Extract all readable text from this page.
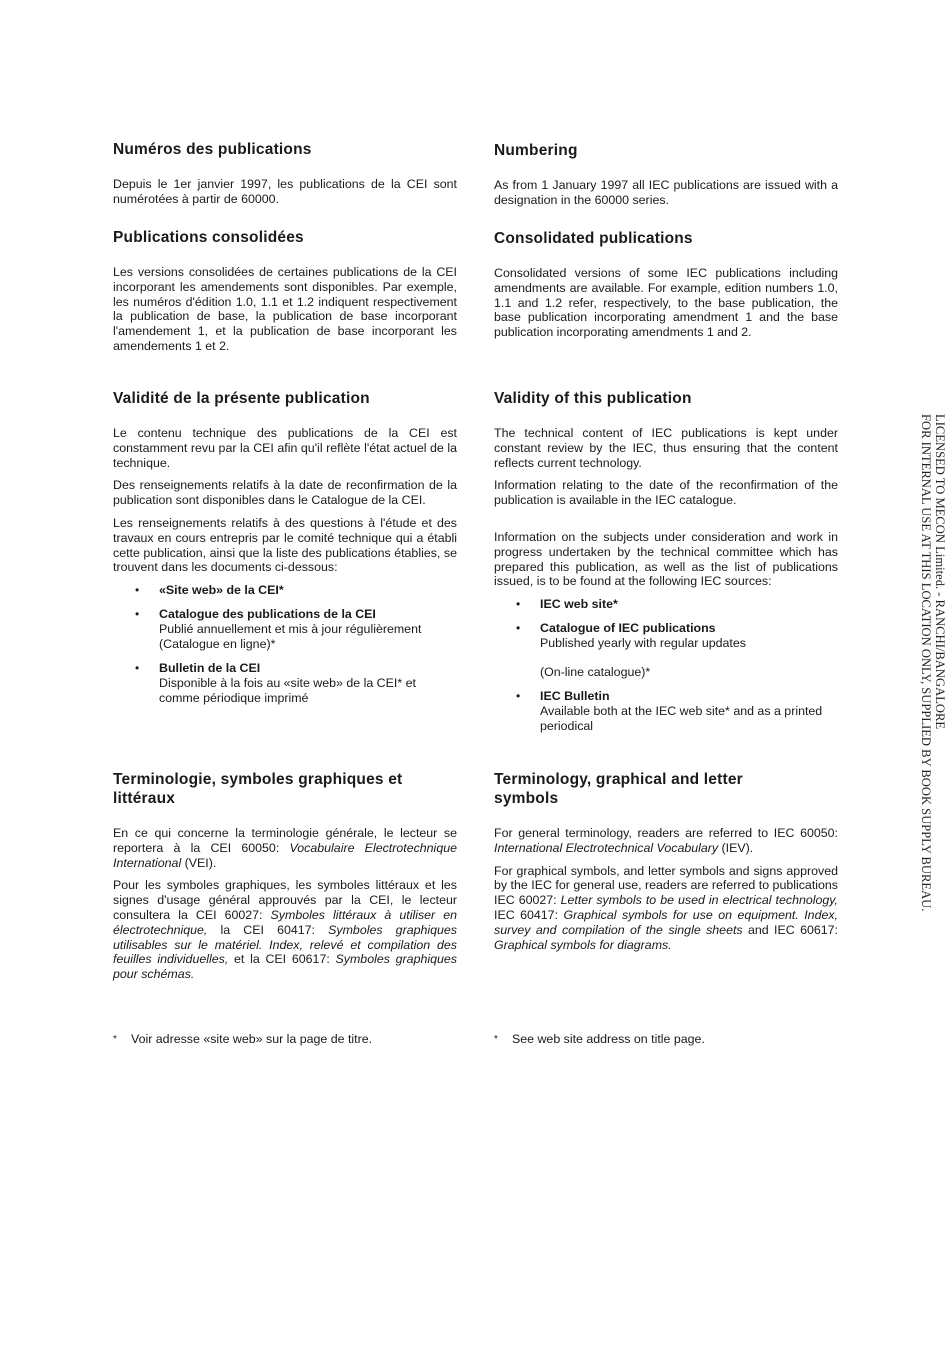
Numéros des publications

Depuis le 1er janvier 1997, les publications de la CEI sont numérotées à partir de 60000.

Publications consolidées

Les versions consolidées de certaines publications de la CEI incorporant les amendements sont disponibles. Par exemple, les numéros d'édition 1.0, 1.1 et 1.2 indiquent respectivement la publication de base, la publication de base incorporant l'amendement 1, et la publication de base incorporant les amendements 1 et 2.

Validité de la présente publication

Le contenu technique des publications de la CEI est constamment revu par la CEI afin qu'il reflète l'état actuel de la technique.

Des renseignements relatifs à la date de reconfirmation de la publication sont disponibles dans le Catalogue de la CEI.

Les renseignements relatifs à des questions à l'étude et des travaux en cours entrepris par le comité technique qui a établi cette publication, ainsi que la liste des publications établies, se trouvent dans les documents ci-dessous:

• «Site web» de la CEI*
• Catalogue des publications de la CEI
Publié annuellement et mis à jour régulièrement
(Catalogue en ligne)*
• Bulletin de la CEI
Disponible à la fois au «site web» de la CEI* et comme périodique imprimé
Terminologie, symboles graphiques et littéraux

En ce qui concerne la terminologie générale, le lecteur se reportera à la CEI 60050: Vocabulaire Electrotechnique International (VEI).

Pour les symboles graphiques, les symboles littéraux et les signes d'usage général approuvés par la CEI, le lecteur consultera la CEI 60027: Symboles littéraux à utiliser en électrotechnique, la CEI 60417: Symboles graphiques utilisables sur le matériel. Index, relevé et compilation des feuilles individuelles, et la CEI 60617: Symboles graphiques pour schémas.

Numbering

As from 1 January 1997 all IEC publications are issued with a designation in the 60000 series.

Consolidated publications

Consolidated versions of some IEC publications including amendments are available. For example, edition numbers 1.0, 1.1 and 1.2 refer, respectively, to the base publication, the base publication incorporating amendment 1 and the base publication incorporating amendments 1 and 2.

Validity of this publication

The technical content of IEC publications is kept under constant review by the IEC, thus ensuring that the content reflects current technology.

Information relating to the date of the reconfirmation of the publication is available in the IEC catalogue.

Information on the subjects under consideration and work in progress undertaken by the technical committee which has prepared this publication, as well as the list of publications issued, is to be found at the following IEC sources:

• IEC web site*
• Catalogue of IEC publications
Published yearly with regular updates
(On-line catalogue)*
• IEC Bulletin
Available both at the IEC web site* and as a printed periodical
Terminology, graphical and letter symbols

For general terminology, readers are referred to IEC 60050: International Electrotechnical Vocabulary (IEV).

For graphical symbols, and letter symbols and signs approved by the IEC for general use, readers are referred to publications IEC 60027: Letter symbols to be used in electrical technology, IEC 60417: Graphical symbols for use on equipment. Index, survey and compilation of the single sheets and IEC 60617: Graphical symbols for diagrams.

* Voir adresse «site web» sur la page de titre.	* See web site address on title page.
LICENSED TO MECON Limited. - RANCHI/BANGALORE
FOR INTERNAL USE AT THIS LOCATION ONLY, SUPPLIED BY BOOK SUPPLY BUREAU.
